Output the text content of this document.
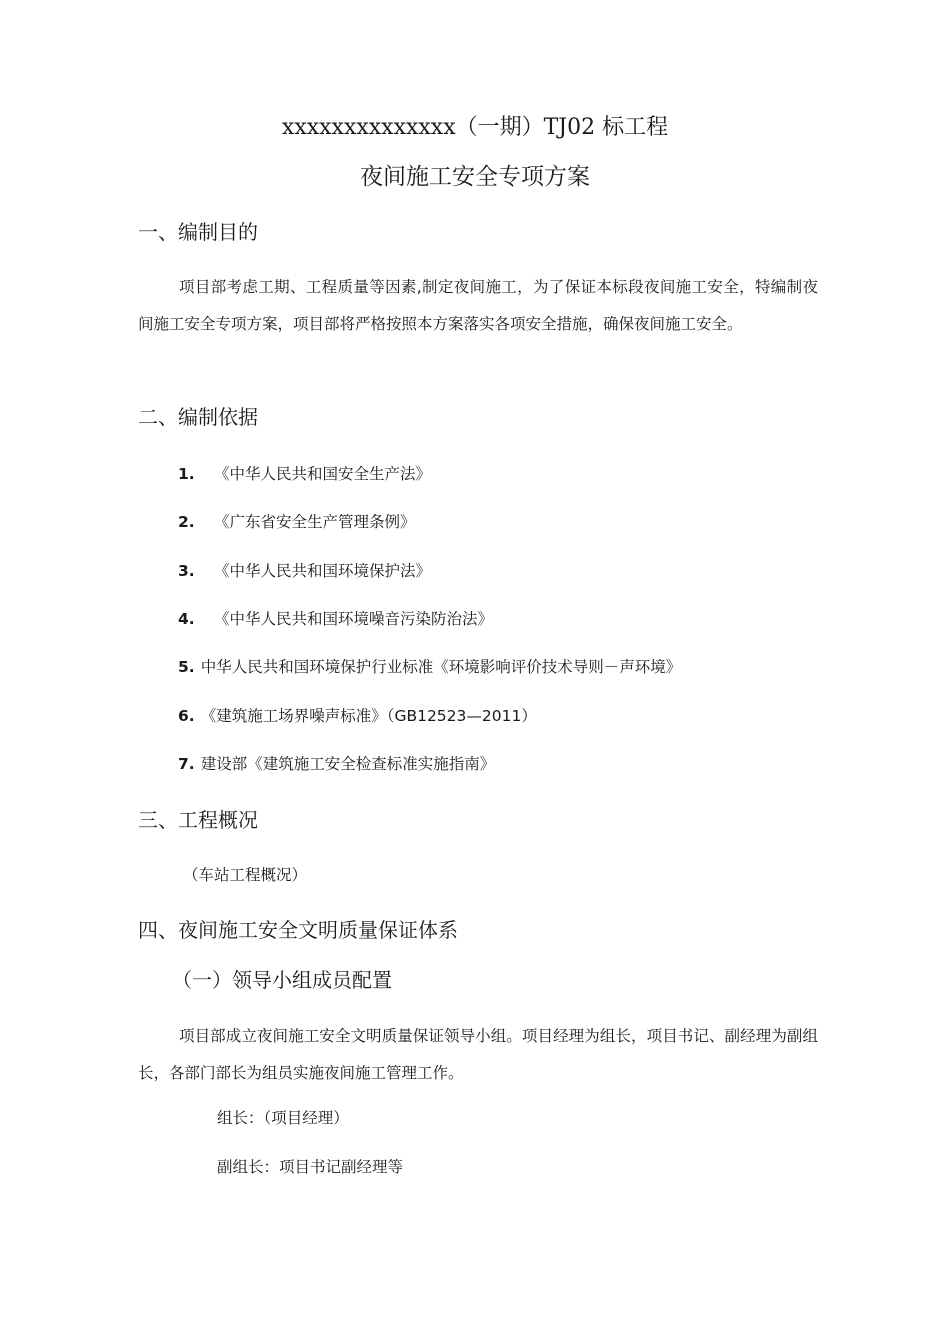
xxxxxxxxxxxxxx（一期）TJ02 标工程
夜间施工安全专项方案
一、编制目的
项目部考虑工期、工程质量等因素,制定夜间施工，为了保证本标段夜间施工安全，特编制夜间施工安全专项方案，项目部将严格按照本方案落实各项安全措施，确保夜间施工安全。
二、编制依据
1. 《中华人民共和国安全生产法》
2. 《广东省安全生产管理条例》
3. 《中华人民共和国环境保护法》
4. 《中华人民共和国环境噪音污染防治法》
5. 中华人民共和国环境保护行业标准《环境影响评价技术导则－声环境》
6. 《建筑施工场界噪声标准》（GB12523—2011）
7. 建设部《建筑施工安全检查标准实施指南》
三、工程概况
（车站工程概况）
四、夜间施工安全文明质量保证体系
（一）领导小组成员配置
项目部成立夜间施工安全文明质量保证领导小组。项目经理为组长，项目书记、副经理为副组长，各部门部长为组员实施夜间施工管理工作。
组长：（项目经理）
副组长：项目书记副经理等
